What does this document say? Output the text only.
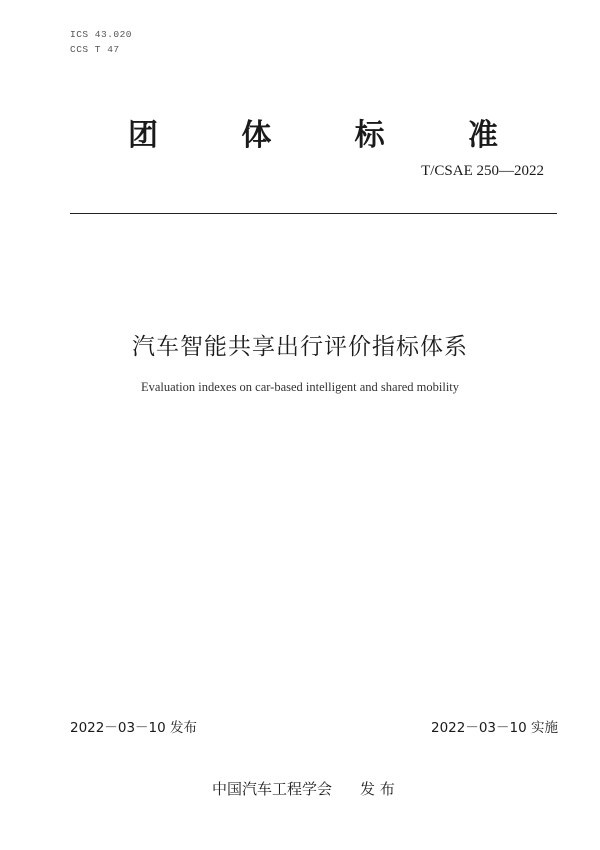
ICS 43.020
CCS T 47
团	体	标	准
T/CSAE 250—2022
汽车智能共享出行评价指标体系
Evaluation indexes on car-based intelligent and shared mobility
2022－03－10 发布	2022－03－10 实施
中国汽车工程学会 发 布
